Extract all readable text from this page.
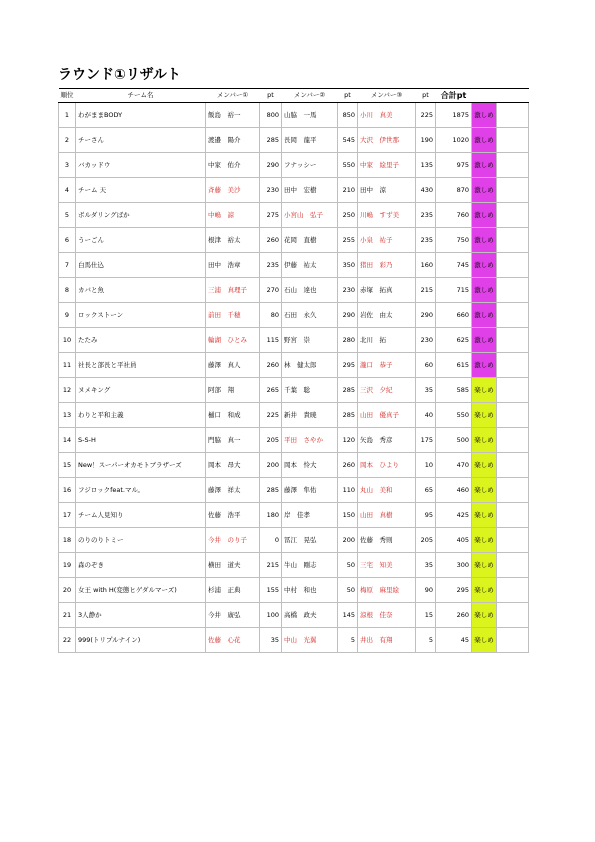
ラウンド①リザルト
順位	チーム名	メンバー①	pt	メンバー②	pt	メンバー③	pt	合計pt		
1	わがままBODY	飯島　裕一	800	山脇　一馬	850	小川　真美	225	1875	激しめ	
2	チーさん	渡邉　陽介	285	長岡　龍平	545	大沢　伊世那	190	1020	激しめ	
3	バカッドウ	中家　佑介	290	フナッシー	550	中家　絵里子	135	975	激しめ	
4	チーム 天	斉藤　美沙	230	田中　宏樹	210	田中　涼	430	870	激しめ	
5	ボルダリングばか	中嶋　諒	275	小宮山　弘子	250	川嶋　すず美	235	760	激しめ	
6	うーごん	根津　裕太	260	花岡　直樹	255	小泉　祐子	235	750	激しめ	
7	白馬仕込	田中　浩章	235	伊藤　祐太	350	猪田　彩乃	160	745	激しめ	
8	カバと魚	三浦　真理子	270	石山　達也	230	赤塚　拓真	215	715	激しめ	
9	ロックストーン	前田　千穂	80	石田　永久	290	岩佐　由太	290	660	激しめ	
10	たたみ	輪湖　ひとみ	115	野宮　崇	280	北川　拓	230	625	激しめ	
11	社長と部長と平社員	藤澤　真人	260	林　健太郎	295	瀧口　恭子	60	615	激しめ	
12	ヌメキング	阿部　翔	265	千葉　聡	285	三沢　夕紀	35	585	楽しめ	
13	わりと平和主義	樋口　和成	225	新井　貴暁	285	山田　優真子	40	550	楽しめ	
14	S-S-H	門脇　真一	205	平田　さやか	120	矢島　秀彦	175	500	楽しめ	
15	New！スーパーオカモトブラザーズ	岡本　昂大	200	岡本　怜大	260	岡本　ひより	10	470	楽しめ	
16	フジロックfeat.マル。	藤澤　祥太	285	藤澤　隼佑	110	丸山　美和	65	460	楽しめ	
17	チーム人見知り	佐藤　浩平	180	岸　佳孝	150	山田　真樹	95	425	楽しめ	
18	のりのりトミー	今井　のり子	0	冨江　晃弘	200	佐藤　秀則	205	405	楽しめ	
19	森のぞき	横田　道夫	215	牛山　剛志	50	三宅　知美	35	300	楽しめ	
20	女王 with H(変態ヒゲダルマーズ)	杉浦　正典	155	中村　和也	50	梅原　麻里絵	90	295	楽しめ	
21	3人静か	今井　廣弘	100	高橋　政夫	145	涼根　佳奈	15	260	楽しめ	
22	999(トリプルナイン)	佐藤　心花	35	中山　光翼	5	井出　有翔	5	45	楽しめ	
